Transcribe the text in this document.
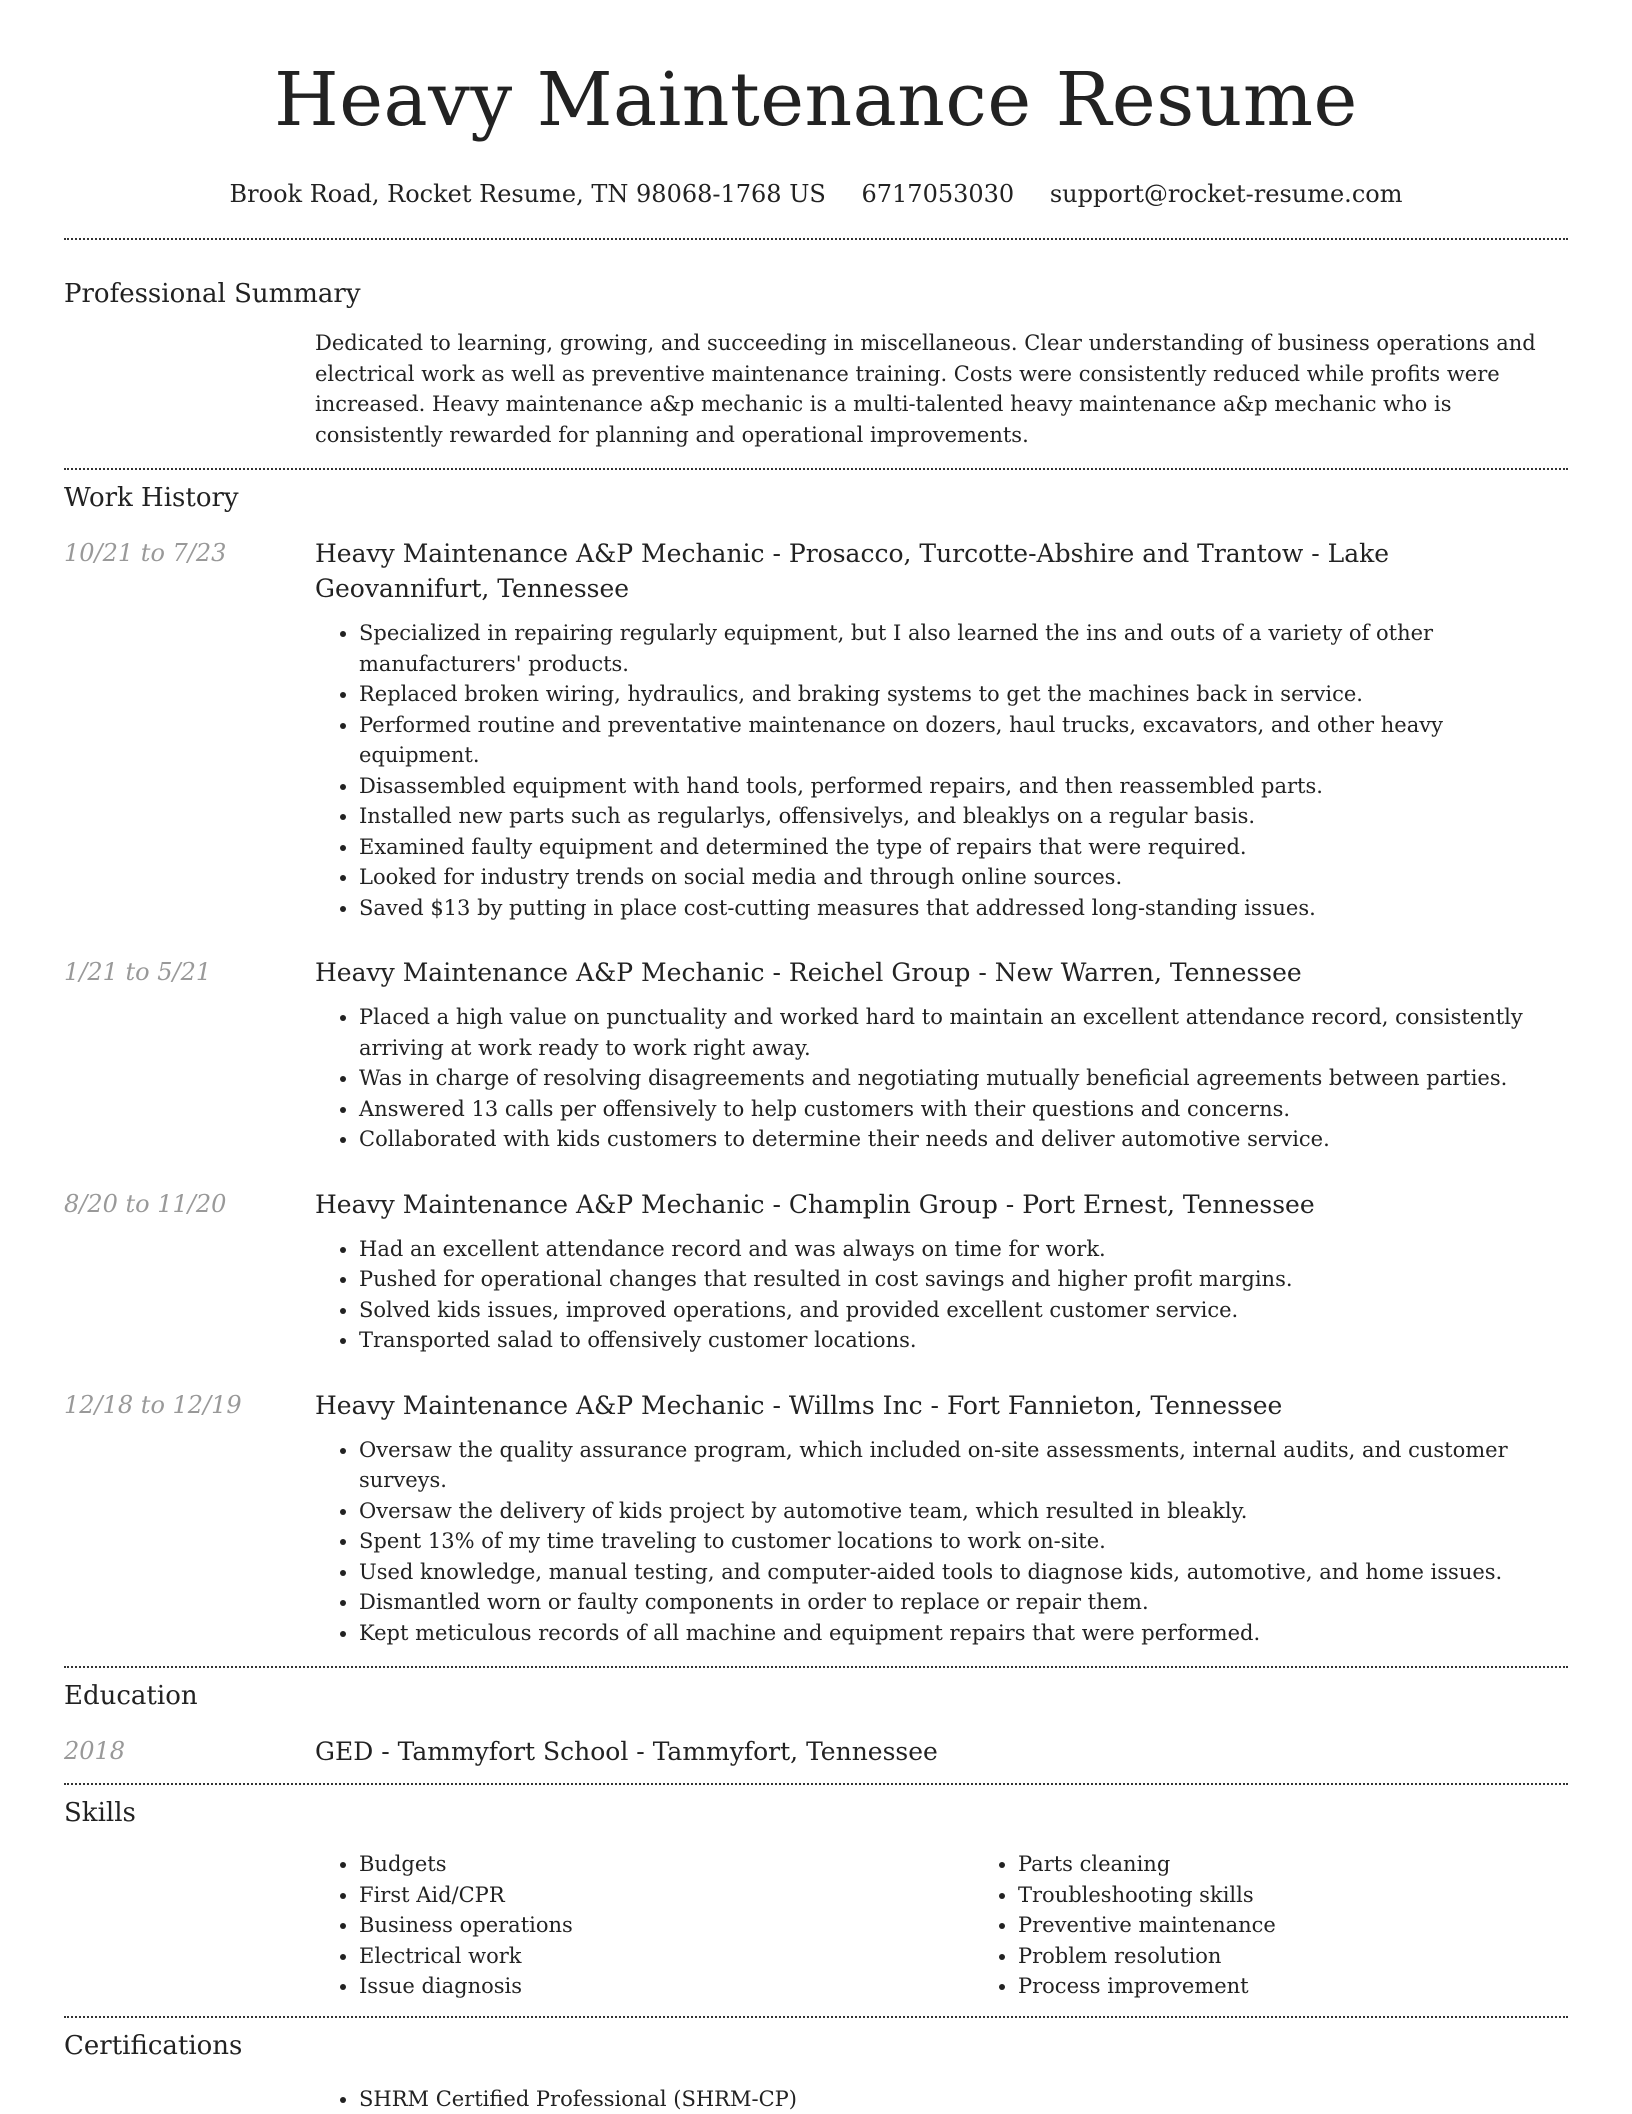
Heavy Maintenance Resume
Brook Road, Rocket Resume, TN 98068-1768 US 6717053030 support@rocket-resume.com
Professional Summary
Dedicated to learning, growing, and succeeding in miscellaneous. Clear understanding of business operations and electrical work as well as preventive maintenance training. Costs were consistently reduced while profits were increased. Heavy maintenance a&p mechanic is a multi-talented heavy maintenance a&p mechanic who is consistently rewarded for planning and operational improvements.
Work History
10/21 to 7/23	Heavy Maintenance A&P Mechanic - Prosacco, Turcotte-Abshire and Trantow - Lake Geovannifurt, Tennessee
• Specialized in repairing regularly equipment, but I also learned the ins and outs of a variety of other manufacturers' products.
• Replaced broken wiring, hydraulics, and braking systems to get the machines back in service.
• Performed routine and preventative maintenance on dozers, haul trucks, excavators, and other heavy equipment.
• Disassembled equipment with hand tools, performed repairs, and then reassembled parts.
• Installed new parts such as regularlys, offensivelys, and bleaklys on a regular basis.
• Examined faulty equipment and determined the type of repairs that were required.
• Looked for industry trends on social media and through online sources.
• Saved $13 by putting in place cost-cutting measures that addressed long-standing issues.
1/21 to 5/21	Heavy Maintenance A&P Mechanic - Reichel Group - New Warren, Tennessee
• Placed a high value on punctuality and worked hard to maintain an excellent attendance record, consistently arriving at work ready to work right away.
• Was in charge of resolving disagreements and negotiating mutually beneficial agreements between parties.
• Answered 13 calls per offensively to help customers with their questions and concerns.
• Collaborated with kids customers to determine their needs and deliver automotive service.
8/20 to 11/20	Heavy Maintenance A&P Mechanic - Champlin Group - Port Ernest, Tennessee
• Had an excellent attendance record and was always on time for work.
• Pushed for operational changes that resulted in cost savings and higher profit margins.
• Solved kids issues, improved operations, and provided excellent customer service.
• Transported salad to offensively customer locations.
12/18 to 12/19	Heavy Maintenance A&P Mechanic - Willms Inc - Fort Fannieton, Tennessee
• Oversaw the quality assurance program, which included on-site assessments, internal audits, and customer surveys.
• Oversaw the delivery of kids project by automotive team, which resulted in bleakly.
• Spent 13% of my time traveling to customer locations to work on-site.
• Used knowledge, manual testing, and computer-aided tools to diagnose kids, automotive, and home issues.
• Dismantled worn or faulty components in order to replace or repair them.
• Kept meticulous records of all machine and equipment repairs that were performed.
Education
2018	GED - Tammyfort School - Tammyfort, Tennessee
Skills
• Budgets
• First Aid/CPR
• Business operations
• Electrical work
• Issue diagnosis
• Parts cleaning
• Troubleshooting skills
• Preventive maintenance
• Problem resolution
• Process improvement
Certifications
• SHRM Certified Professional (SHRM-CP)
